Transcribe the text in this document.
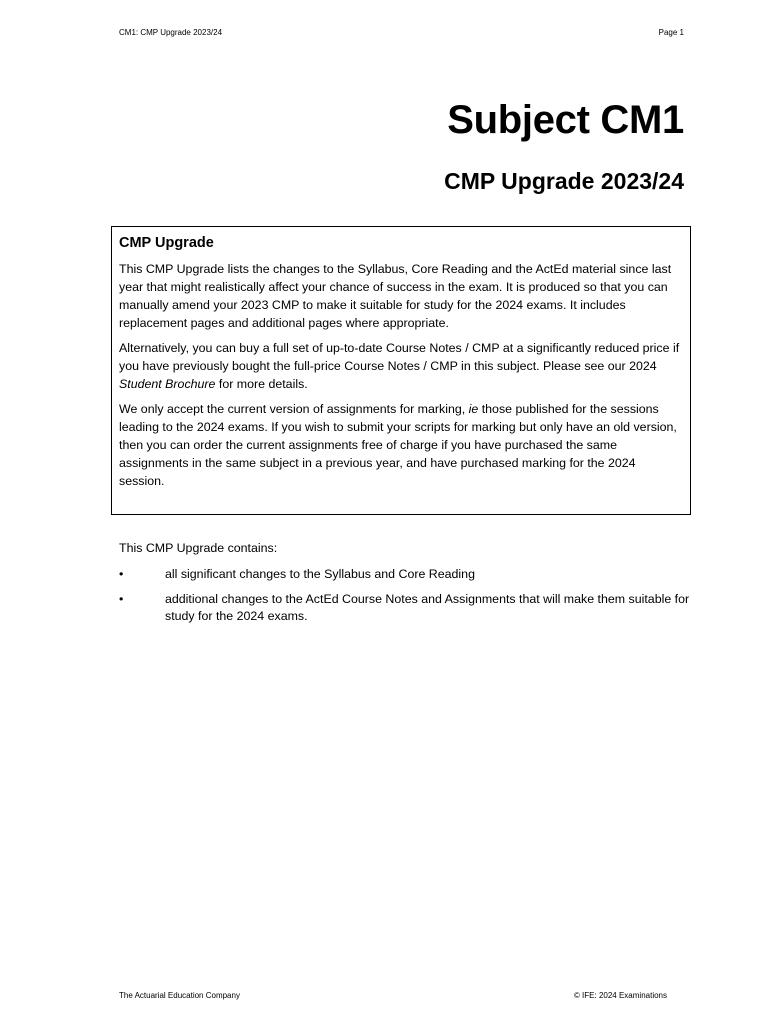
CM1: CMP Upgrade 2023/24	Page 1
Subject CM1
CMP Upgrade 2023/24
CMP Upgrade

This CMP Upgrade lists the changes to the Syllabus, Core Reading and the ActEd material since last year that might realistically affect your chance of success in the exam. It is produced so that you can manually amend your 2023 CMP to make it suitable for study for the 2024 exams. It includes replacement pages and additional pages where appropriate.

Alternatively, you can buy a full set of up-to-date Course Notes / CMP at a significantly reduced price if you have previously bought the full-price Course Notes / CMP in this subject. Please see our 2024 Student Brochure for more details.

We only accept the current version of assignments for marking, ie those published for the sessions leading to the 2024 exams. If you wish to submit your scripts for marking but only have an old version, then you can order the current assignments free of charge if you have purchased the same assignments in the same subject in a previous year, and have purchased marking for the 2024 session.

This CMP Upgrade contains:

•	all significant changes to the Syllabus and Core Reading
•	additional changes to the ActEd Course Notes and Assignments that will make them suitable for study for the 2024 exams.
The Actuarial Education Company	© IFE: 2024 Examinations
